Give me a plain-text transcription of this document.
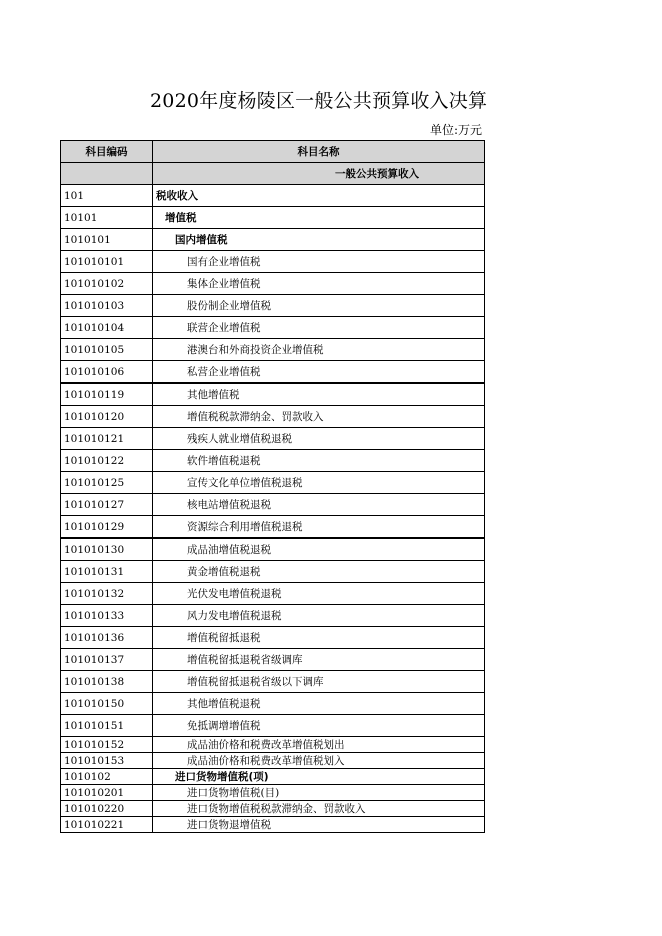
2020年度杨陵区一般公共预算收入决算
单位:万元
科目编码	科目名称
	一般公共预算收入
101	税收收入
10101	增值税
1010101	国内增值税
101010101	国有企业增值税
101010102	集体企业增值税
101010103	股份制企业增值税
101010104	联营企业增值税
101010105	港澳台和外商投资企业增值税
101010106	私营企业增值税
101010119	其他增值税
101010120	增值税税款滞纳金、罚款收入
101010121	残疾人就业增值税退税
101010122	软件增值税退税
101010125	宣传文化单位增值税退税
101010127	核电站增值税退税
101010129	资源综合利用增值税退税
101010130	成品油增值税退税
101010131	黄金增值税退税
101010132	光伏发电增值税退税
101010133	风力发电增值税退税
101010136	增值税留抵退税
101010137	增值税留抵退税省级调库
101010138	增值税留抵退税省级以下调库
101010150	其他增值税退税
101010151	免抵调增增值税
101010152	成品油价格和税费改革增值税划出
101010153	成品油价格和税费改革增值税划入
1010102	进口货物增值税(项)
101010201	进口货物增值税(目)
101010220	进口货物增值税税款滞纳金、罚款收入
101010221	进口货物退增值税
